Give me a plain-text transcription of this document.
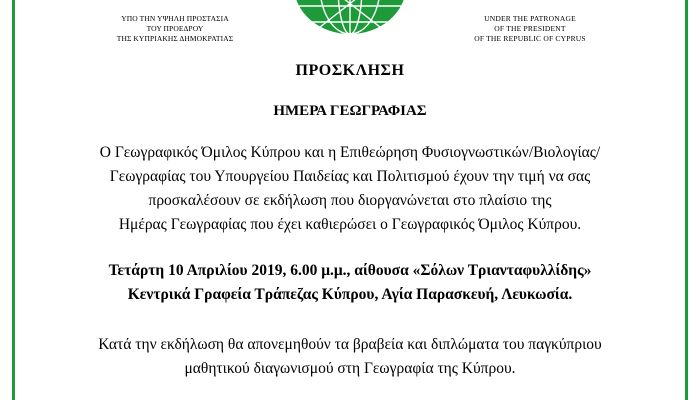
ΥΠΟ ΤΗΝ ΥΨΗΛΗ ΠΡΟΣΤΑΣΙΑ
ΤΟΥ ΠΡΟΕΔΡΟΥ
ΤΗΣ ΚΥΠΡΙΑΚΗΣ ΔΗΜΟΚΡΑΤΙΑΣ
UNDER THE PATRONAGE
OF THE PRESIDENT
OF THE REPUBLIC OF CYPRUS
ΠΡΟΣΚΛΗΣΗ
ΗΜΕΡΑ ΓΕΩΓΡΑΦΙΑΣ
Ο Γεωγραφικός Όμιλος Κύπρου και η Επιθεώρηση Φυσιογνωστικών/Βιολογίας/
Γεωγραφίας του Υπουργείου Παιδείας και Πολιτισμού έχουν την τιμή να σας
προσκαλέσουν σε εκδήλωση που διοργανώνεται στο πλαίσιο της
Ημέρας Γεωγραφίας που έχει καθιερώσει ο Γεωγραφικός Όμιλος Κύπρου.
Τετάρτη 10 Απριλίου 2019, 6.00 μ.μ., αίθουσα «Σόλων Τριανταφυλλίδης»
Κεντρικά Γραφεία Τράπεζας Κύπρου, Αγία Παρασκευή, Λευκωσία.
Κατά την εκδήλωση θα απονεμηθούν τα βραβεία και διπλώματα του παγκύπριου
μαθητικού διαγωνισμού στη Γεωγραφία της Κύπρου.
